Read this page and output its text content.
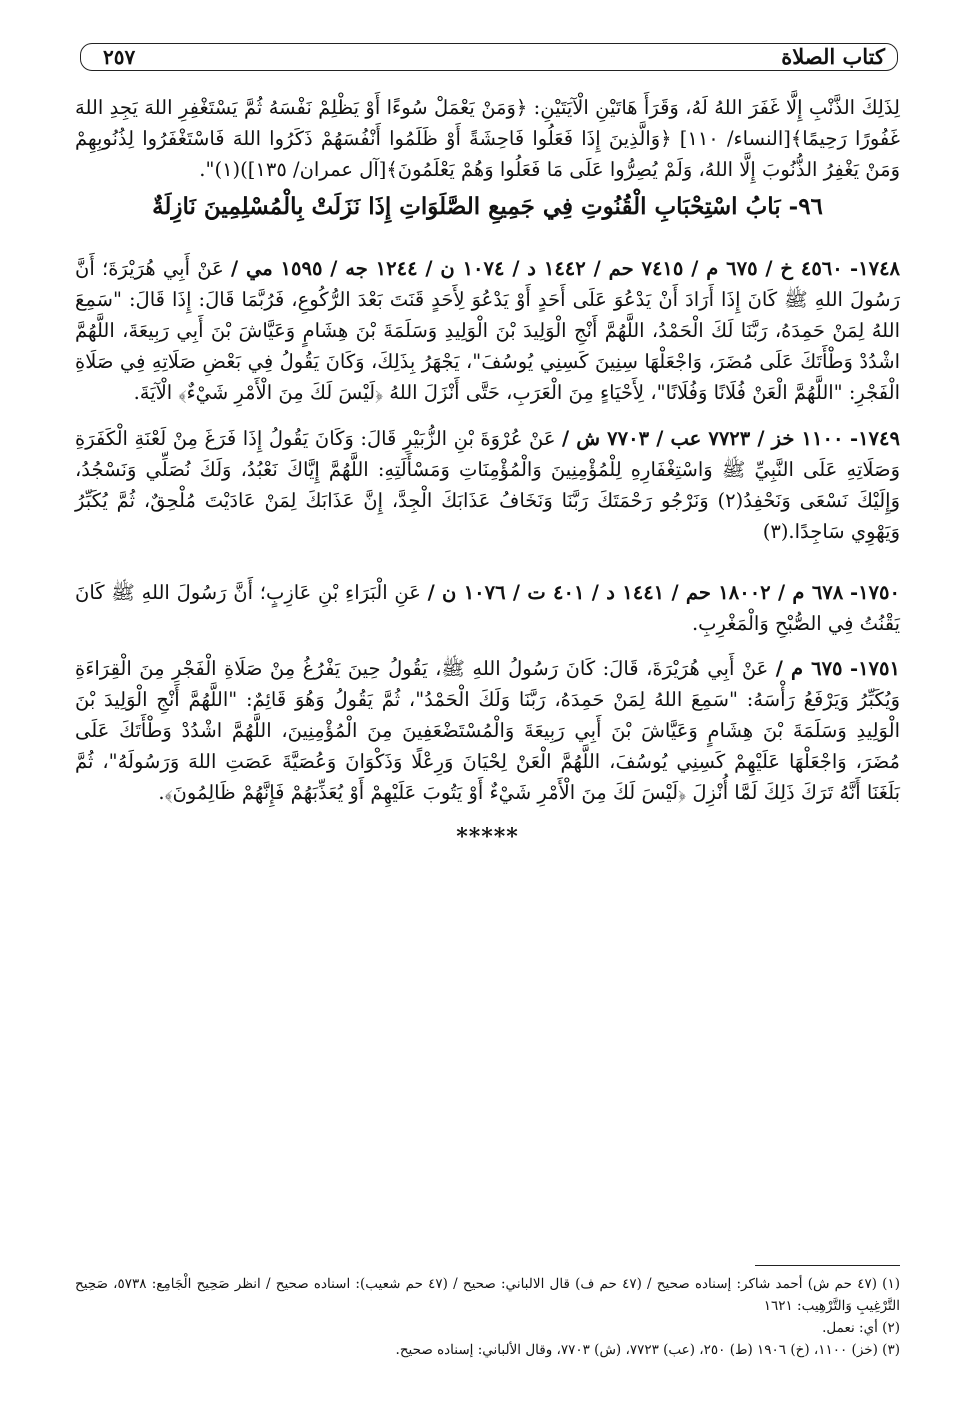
كتاب الصلاة
٢٥٧
لِذَلِكَ الذَّنْبِ إِلَّا غَفَرَ اللهُ لَهُ، وَقَرَأَ هَاتَيْنِ الْآيَتَيْنِ: ﴿وَمَنْ يَعْمَلْ سُوءًا أَوْ يَظْلِمْ نَفْسَهُ ثُمَّ يَسْتَغْفِرِ اللهَ يَجِدِ اللهَ غَفُورًا رَحِيمًا﴾[النساء/ ١١٠] ﴿وَالَّذِينَ إِذَا فَعَلُوا فَاحِشَةً أَوْ ظَلَمُوا أَنْفُسَهُمْ ذَكَرُوا اللهَ فَاسْتَغْفَرُوا لِذُنُوبِهِمْ وَمَنْ يَغْفِرُ الذُّنُوبَ إِلَّا اللهُ، وَلَمْ يُصِرُّوا عَلَى مَا فَعَلُوا وَهُمْ يَعْلَمُونَ﴾[آل عمران/ ١٣٥])(١)".
٩٦- بَابُ اسْتِحْبَابِ الْقُنُوتِ فِي جَمِيعِ الصَّلَوَاتِ إِذَا نَزَلَتْ بِالْمُسْلِمِينَ نَازِلَةٌ
١٧٤٨- ٤٥٦٠ خ / ٦٧٥ م / ٧٤١٥ حم / ١٤٤٢ د / ١٠٧٤ ن / ١٢٤٤ جه / ١٥٩٥ مي / عَنْ أَبِي هُرَيْرَةَ؛ أَنَّ رَسُولَ اللهِ ﷺ كَانَ إِذَا أَرَادَ أَنْ يَدْعُوَ عَلَى أَحَدٍ أَوْ يَدْعُوَ لِأَحَدٍ قَنَتَ بَعْدَ الرُّكُوعِ، فَرُبَّمَا قَالَ: إِذَا قَالَ: "سَمِعَ اللهُ لِمَنْ حَمِدَهُ، رَبَّنَا لَكَ الْحَمْدُ، اللَّهُمَّ أَنْجِ الْوَلِيدَ بْنَ الْوَلِيدِ وَسَلَمَةَ بْنَ هِشَامٍ وَعَيَّاشَ بْنَ أَبِي رَبِيعَةَ، اللَّهُمَّ اشْدُدْ وَطْأَتَكَ عَلَى مُضَرَ، وَاجْعَلْهَا سِنِينَ كَسِنِي يُوسُفَ"، يَجْهَرُ بِذَلِكَ، وَكَانَ يَقُولُ فِي بَعْضِ صَلَاتِهِ فِي صَلَاةِ الْفَجْرِ: "اللَّهُمَّ الْعَنْ فُلَانًا وَفُلَانًا"، لِأَحْيَاءٍ مِنَ الْعَرَبِ، حَتَّى أَنْزَلَ اللهُ ﴿لَيْسَ لَكَ مِنَ الْأَمْرِ شَيْءٌ﴾ الْآيَةَ.
١٧٤٩- ١١٠٠ خز / ٧٧٢٣ عب / ٧٧٠٣ ش / عَنْ عُرْوَةَ بْنِ الزُّبَيْرِ قَالَ: وَكَانَ يَقُولُ إِذَا فَرَغَ مِنْ لَعْنَةِ الْكَفَرَةِ وَصَلَاتِهِ عَلَى النَّبِيِّ ﷺ وَاسْتِغْفَارِهِ لِلْمُؤْمِنِينَ وَالْمُؤْمِنَاتِ وَمَسْأَلَتِهِ: اللَّهُمَّ إِيَّاكَ نَعْبُدُ، وَلَكَ نُصَلِّي وَنَسْجُدُ، وَإِلَيْكَ نَسْعَى وَنَحْفِدُ(٢) وَنَرْجُو رَحْمَتَكَ رَبَّنَا وَنَخَافُ عَذَابَكَ الْجِدَّ، إِنَّ عَذَابَكَ لِمَنْ عَادَيْتَ مُلْحِقٌ، ثُمَّ يُكَبِّرُ وَيَهْوِي سَاجِدًا.(٣)
١٧٥٠- ٦٧٨ م / ١٨٠٠٢ حم / ١٤٤١ د / ٤٠١ ت / ١٠٧٦ ن / عَنِ الْبَرَاءِ بْنِ عَازِبٍ؛ أَنَّ رَسُولَ اللهِ ﷺ كَانَ يَقْنُتُ فِي الصُّبْحِ وَالْمَغْرِبِ.
١٧٥١- ٦٧٥ م / عَنْ أَبِي هُرَيْرَةَ، قَالَ: كَانَ رَسُولُ اللهِ ﷺ، يَقُولُ حِينَ يَفْرُغُ مِنْ صَلَاةِ الْفَجْرِ مِنَ الْقِرَاءَةِ وَيُكَبِّرُ وَيَرْفَعُ رَأْسَهُ: "سَمِعَ اللهُ لِمَنْ حَمِدَهُ، رَبَّنَا وَلَكَ الْحَمْدُ"، ثُمَّ يَقُولُ وَهُوَ قَائِمٌ: "اللَّهُمَّ أَنْجِ الْوَلِيدَ بْنَ الْوَلِيدِ وَسَلَمَةَ بْنَ هِشَامٍ وَعَيَّاشَ بْنَ أَبِي رَبِيعَةَ وَالْمُسْتَضْعَفِينَ مِنَ الْمُؤْمِنِينَ، اللَّهُمَّ اشْدُدْ وَطْأَتَكَ عَلَى مُضَرَ، وَاجْعَلْهَا عَلَيْهِمْ كَسِنِي يُوسُفَ، اللَّهُمَّ الْعَنْ لِحْيَانَ وَرِعْلًا وَذَكْوَانَ وَعُصَيَّةَ عَصَتِ اللهَ وَرَسُولَهُ"، ثُمَّ بَلَغَنَا أَنَّهُ تَرَكَ ذَلِكَ لَمَّا أُنْزِلَ ﴿لَيْسَ لَكَ مِنَ الْأَمْرِ شَيْءٌ أَوْ يَتُوبَ عَلَيْهِمْ أَوْ يُعَذِّبَهُمْ فَإِنَّهُمْ ظَالِمُونَ﴾.
*****
(١) (٤٧ حم ش) أحمد شاكر: إسناده صحيح / (٤٧ حم ف) قال الالباني: صحيح / (٤٧ حم شعيب): اسناده صحيح / انظر صَحِيح الْجَامِع: ٥٧٣٨، صَحِيح التَّرْغِيبِ وَالتَّرْهِيب: ١٦٢١
(٢) أي: نعمل.
(٣) (خز) ١١٠٠، (خ) ١٩٠٦ (ط) ٢٥٠، (عب) ٧٧٢٣، (ش) ٧٧٠٣، وقال الألباني: إسناده صحيح.
